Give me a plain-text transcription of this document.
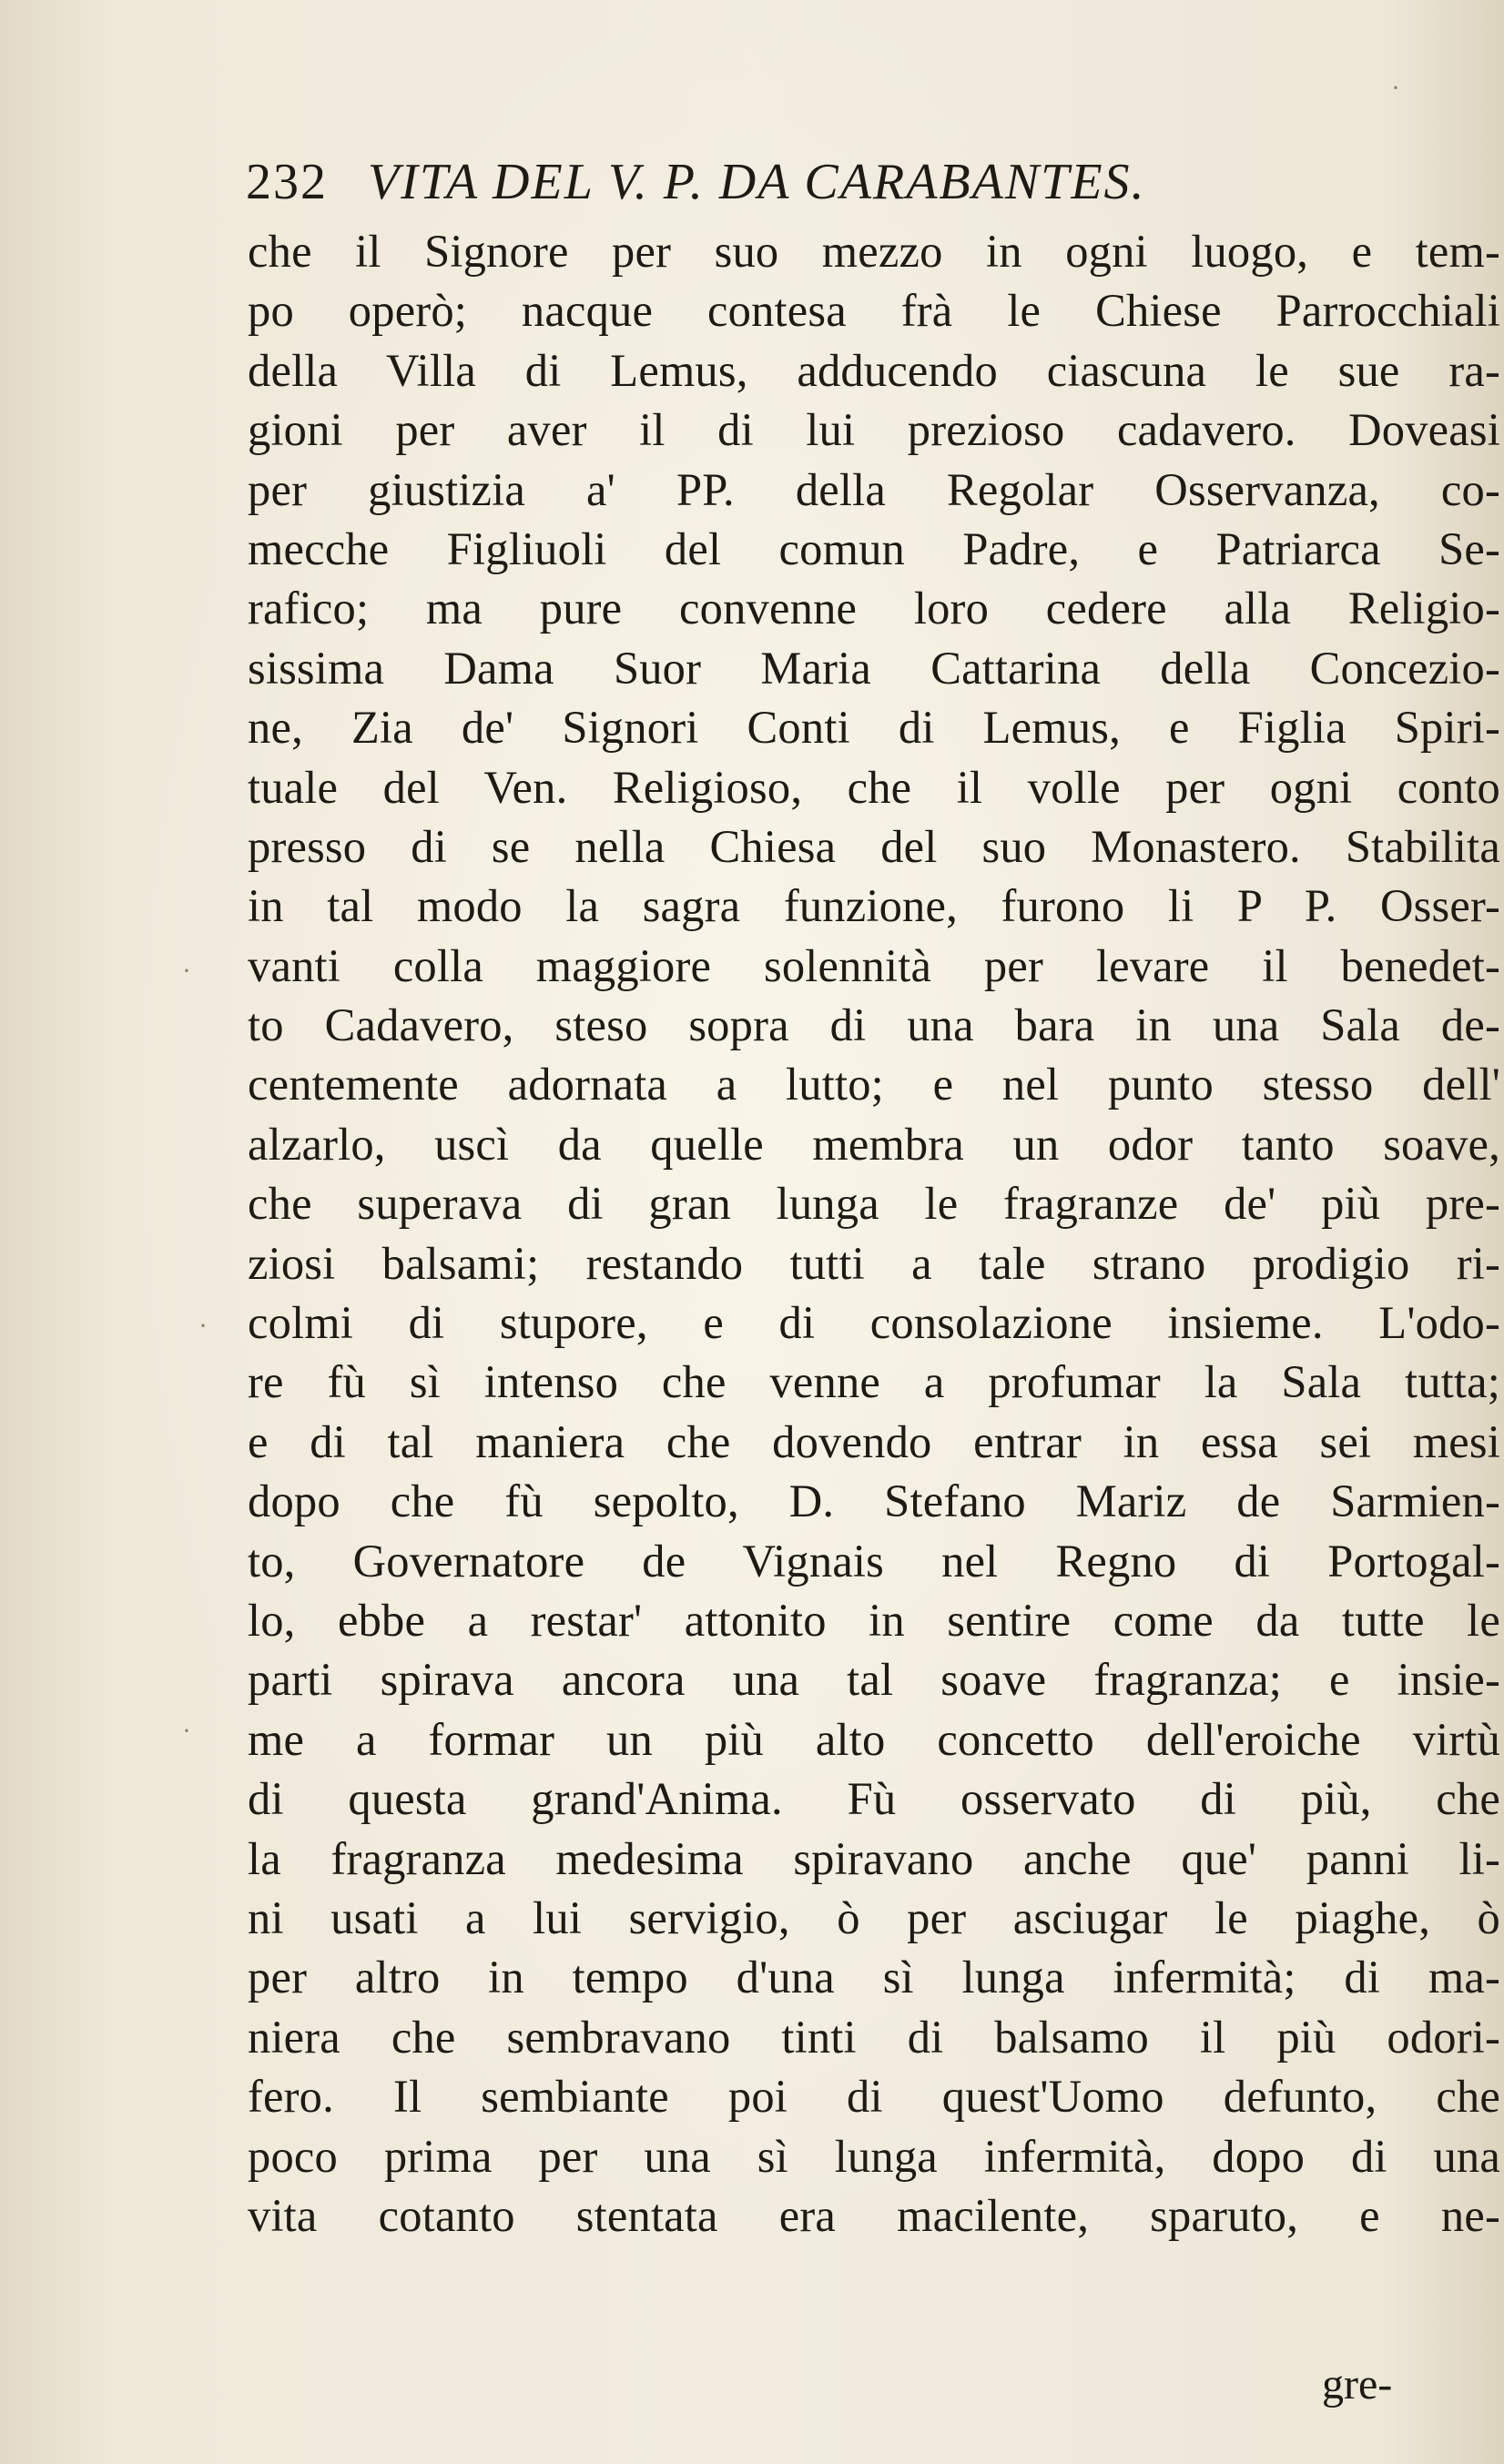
·
·
·
·
232 VITA DEL V. P. DA CARABANTES.
che il Signore per suo mezzo in ogni luogo, e tem-
po operò; nacque contesa frà le Chiese Parrocchiali
della Villa di Lemus, adducendo ciascuna le sue ra-
gioni per aver il di lui prezioso cadavero. Doveasi
per giustizia a' PP. della Regolar Osservanza, co-
mecche Figliuoli del comun Padre, e Patriarca Se-
rafico; ma pure convenne loro cedere alla Religio-
sissima Dama Suor Maria Cattarina della Concezio-
ne, Zia de' Signori Conti di Lemus, e Figlia Spiri-
tuale del Ven. Religioso, che il volle per ogni conto
presso di se nella Chiesa del suo Monastero. Stabilita
in tal modo la sagra funzione, furono li P P. Osser-
vanti colla maggiore solennità per levare il benedet-
to Cadavero, steso sopra di una bara in una Sala de-
centemente adornata a lutto; e nel punto stesso dell'
alzarlo, uscì da quelle membra un odor tanto soave,
che superava di gran lunga le fragranze de' più pre-
ziosi balsami; restando tutti a tale strano prodigio ri-
colmi di stupore, e di consolazione insieme. L'odo-
re fù sì intenso che venne a profumar la Sala tutta;
e di tal maniera che dovendo entrar in essa sei mesi
dopo che fù sepolto, D. Stefano Mariz de Sarmien-
to, Governatore de Vignais nel Regno di Portogal-
lo, ebbe a restar' attonito in sentire come da tutte le
parti spirava ancora una tal soave fragranza; e insie-
me a formar un più alto concetto dell'eroiche virtù
di questa grand'Anima. Fù osservato di più, che
la fragranza medesima spiravano anche que' panni li-
ni usati a lui servigio, ò per asciugar le piaghe, ò
per altro in tempo d'una sì lunga infermità; di ma-
niera che sembravano tinti di balsamo il più odori-
fero. Il sembiante poi di quest'Uomo defunto, che
poco prima per una sì lunga infermità, dopo di una
vita cotanto stentata era macilente, sparuto, e ne-
gre-
